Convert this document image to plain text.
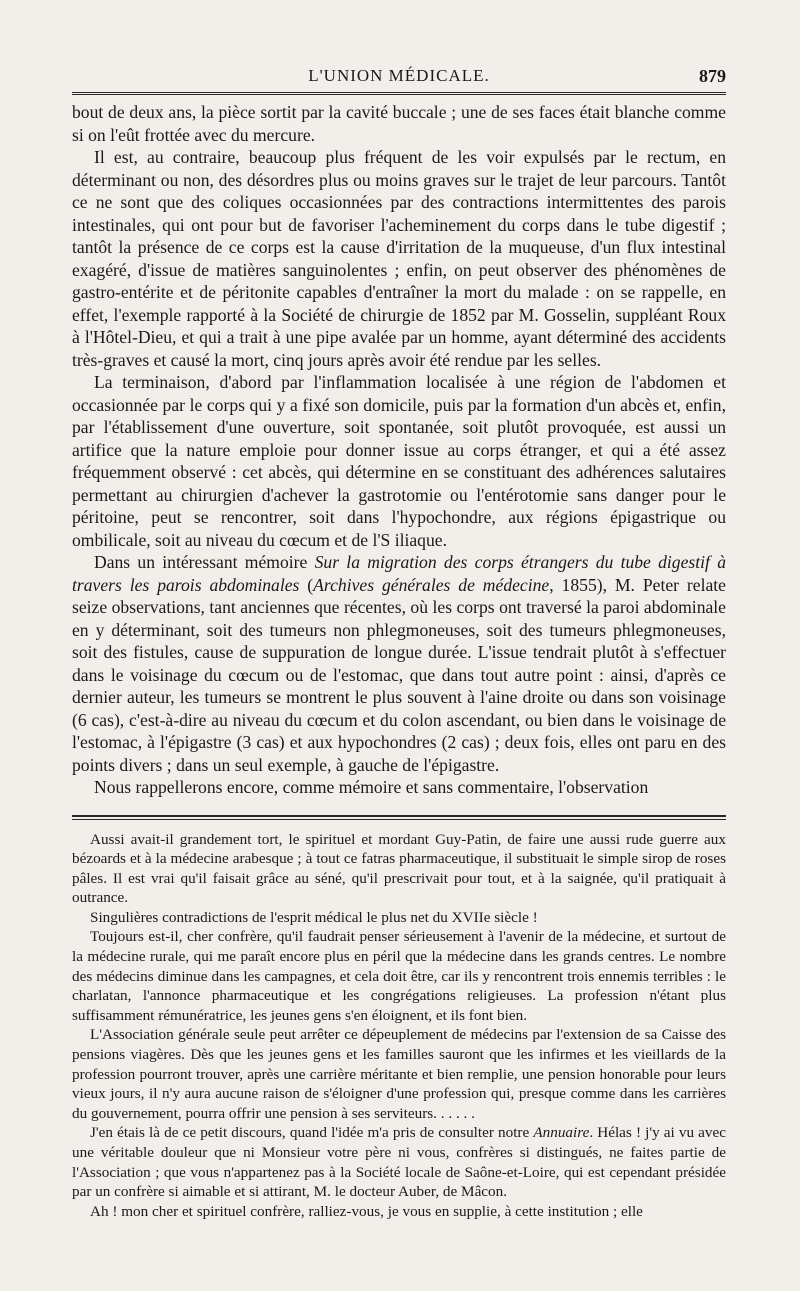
L'UNION MÉDICALE.	879

bout de deux ans, la pièce sortit par la cavité buccale ; une de ses faces était blanche comme si on l'eût frottée avec du mercure.

Il est, au contraire, beaucoup plus fréquent de les voir expulsés par le rectum, en déterminant ou non, des désordres plus ou moins graves sur le trajet de leur parcours. Tantôt ce ne sont que des coliques occasionnées par des contractions intermittentes des parois intestinales, qui ont pour but de favoriser l'acheminement du corps dans le tube digestif ; tantôt la présence de ce corps est la cause d'irritation de la muqueuse, d'un flux intestinal exagéré, d'issue de matières sanguinolentes ; enfin, on peut observer des phénomènes de gastro-entérite et de péritonite capables d'entraîner la mort du malade : on se rappelle, en effet, l'exemple rapporté à la Société de chirurgie de 1852 par M. Gosselin, suppléant Roux à l'Hôtel-Dieu, et qui a trait à une pipe avalée par un homme, ayant déterminé des accidents très-graves et causé la mort, cinq jours après avoir été rendue par les selles.

La terminaison, d'abord par l'inflammation localisée à une région de l'abdomen et occasionnée par le corps qui y a fixé son domicile, puis par la formation d'un abcès et, enfin, par l'établissement d'une ouverture, soit spontanée, soit plutôt provoquée, est aussi un artifice que la nature emploie pour donner issue au corps étranger, et qui a été assez fréquemment observé : cet abcès, qui détermine en se constituant des adhérences salutaires permettant au chirurgien d'achever la gastrotomie ou l'entérotomie sans danger pour le péritoine, peut se rencontrer, soit dans l'hypochondre, aux régions épigastrique ou ombilicale, soit au niveau du cœcum et de l'S iliaque.

Dans un intéressant mémoire Sur la migration des corps étrangers du tube digestif à travers les parois abdominales (Archives générales de médecine, 1855), M. Peter relate seize observations, tant anciennes que récentes, où les corps ont traversé la paroi abdominale en y déterminant, soit des tumeurs non phlegmoneuses, soit des tumeurs phlegmoneuses, soit des fistules, cause de suppuration de longue durée. L'issue tendrait plutôt à s'effectuer dans le voisinage du cœcum ou de l'estomac, que dans tout autre point : ainsi, d'après ce dernier auteur, les tumeurs se montrent le plus souvent à l'aine droite ou dans son voisinage (6 cas), c'est-à-dire au niveau du cœcum et du colon ascendant, ou bien dans le voisinage de l'estomac, à l'épigastre (3 cas) et aux hypochondres (2 cas) ; deux fois, elles ont paru en des points divers ; dans un seul exemple, à gauche de l'épigastre.

Nous rappellerons encore, comme mémoire et sans commentaire, l'observation

Aussi avait-il grandement tort, le spirituel et mordant Guy-Patin, de faire une aussi rude guerre aux bézoards et à la médecine arabesque ; à tout ce fatras pharmaceutique, il substituait le simple sirop de roses pâles. Il est vrai qu'il faisait grâce au séné, qu'il prescrivait pour tout, et à la saignée, qu'il pratiquait à outrance.

Singulières contradictions de l'esprit médical le plus net du XVIIe siècle !

Toujours est-il, cher confrère, qu'il faudrait penser sérieusement à l'avenir de la médecine, et surtout de la médecine rurale, qui me paraît encore plus en péril que la médecine dans les grands centres. Le nombre des médecins diminue dans les campagnes, et cela doit être, car ils y rencontrent trois ennemis terribles : le charlatan, l'annonce pharmaceutique et les congrégations religieuses. La profession n'étant plus suffisamment rémunératrice, les jeunes gens s'en éloignent, et ils font bien.

L'Association générale seule peut arrêter ce dépeuplement de médecins par l'extension de sa Caisse des pensions viagères. Dès que les jeunes gens et les familles sauront que les infirmes et les vieillards de la profession pourront trouver, après une carrière méritante et bien remplie, une pension honorable pour leurs vieux jours, il n'y aura aucune raison de s'éloigner d'une profession qui, presque comme dans les carrières du gouvernement, pourra offrir une pension à ses serviteurs. . . . . .

J'en étais là de ce petit discours, quand l'idée m'a pris de consulter notre Annuaire. Hélas ! j'y ai vu avec une véritable douleur que ni Monsieur votre père ni vous, confrères si distingués, ne faites partie de l'Association ; que vous n'appartenez pas à la Société locale de Saône-et-Loire, qui est cependant présidée par un confrère si aimable et si attirant, M. le docteur Auber, de Mâcon.

Ah ! mon cher et spirituel confrère, ralliez-vous, je vous en supplie, à cette institution ; elle
